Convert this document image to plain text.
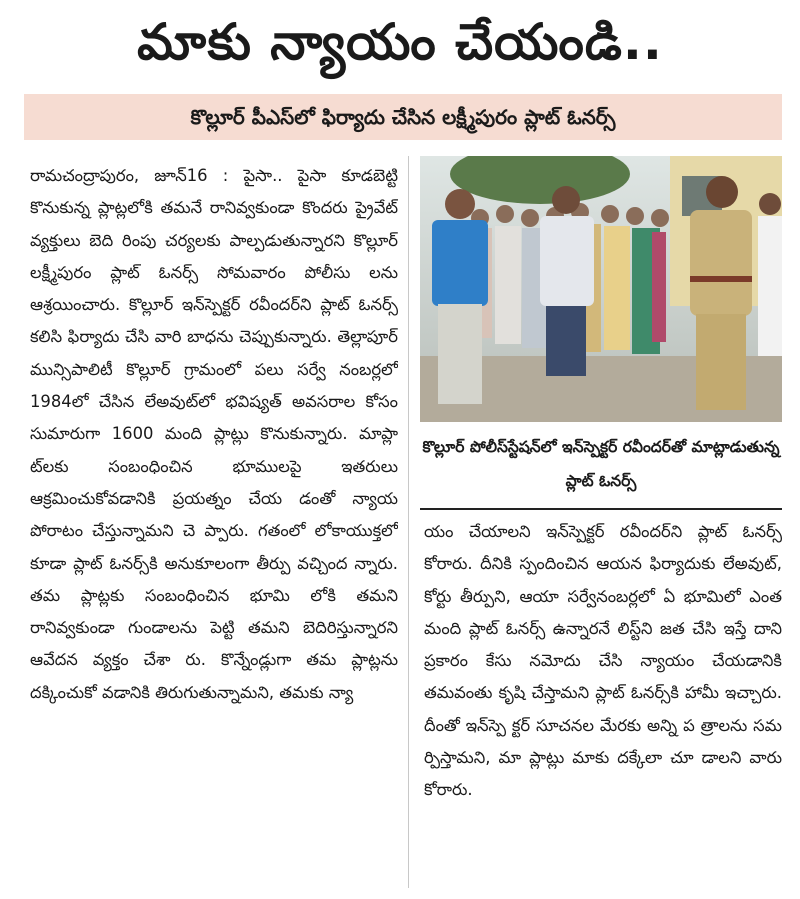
మాకు న్యాయం చేయండి..
కొల్లూర్ పీఎస్‌లో ఫిర్యాదు చేసిన లక్ష్మీపురం ప్లాట్ ఓనర్స్

రామచంద్రాపురం, జూన్16 : పైసా.. పైసా కూడబెట్టి కొనుకున్న ప్లాట్లలోకి తమనే రానివ్వకుండా కొందరు ప్రైవేట్ వ్యక్తులు బెది రింపు చర్యలకు పాల్పడుతున్నారని కొల్లూర్ లక్ష్మీపురం ప్లాట్ ఓనర్స్ సోమవారం పోలీసు లను ఆశ్రయించారు. కొల్లూర్ ఇన్‌స్పెక్టర్ రవీందర్‌ని ప్లాట్ ఓనర్స్ కలిసి ఫిర్యాదు చేసి వారి బాధను చెప్పుకున్నారు. తెల్లాపూర్ మున్సిపాలిటీ కొల్లూర్ గ్రామంలో పలు సర్వే నంబర్లలో 1984లో చేసిన లేఅవుట్‌లో భవిష్యత్ అవసరాల కోసం సుమారుగా 1600 మంది ప్లాట్లు కొనుకున్నారు. మాప్లా ట్‌లకు సంబంధించిన భూములపై ఇతరులు ఆక్రమించుకోవడానికి ప్రయత్నం చేయ డంతో న్యాయ పోరాటం చేస్తున్నామని చె ప్పారు. గతంలో లోకాయుక్తలో కూడా ప్లాట్ ఓనర్స్‌కి అనుకూలంగా తీర్పు వచ్చింద న్నారు. తమ ప్లాట్లకు సంబంధించిన భూమి లోకి తమని రానివ్వకుండా గుండాలను పెట్టి తమని బెదిరిస్తున్నారని ఆవేదన వ్యక్తం చేశా రు. కొన్నేండ్లుగా తమ ప్లాట్లను దక్కించుకో వడానికి తిరుగుతున్నామని, తమకు న్యా

కొల్లూర్ పోలీస్‌స్టేషన్‌లో ఇన్‌స్పెక్టర్ రవీందర్‌తో మాట్లాడుతున్న ప్లాట్ ఓనర్స్

యం చేయాలని ఇన్‌స్పెక్టర్ రవీందర్‌ని ప్లాట్ ఓనర్స్ కోరారు. దీనికి స్పందించిన ఆయన ఫిర్యాదుకు లేఅవుట్, కోర్టు తీర్పుని, ఆయా సర్వేనంబర్లలో ఏ భూమిలో ఎంత మంది ప్లాట్ ఓనర్స్ ఉన్నారనే లిస్ట్‌ని జత చేసి ఇస్తే దాని ప్రకారం కేసు నమోదు చేసి న్యాయం చేయడానికి తమవంతు కృషి చేస్తామని ప్లాట్ ఓనర్స్‌కి హామీ ఇచ్చారు. దీంతో ఇన్‌స్పె క్టర్ సూచనల మేరకు అన్ని ప త్రాలను సమ ర్పిస్తామని, మా ప్లాట్లు మాకు దక్కేలా చూ డాలని వారు కోరారు.
